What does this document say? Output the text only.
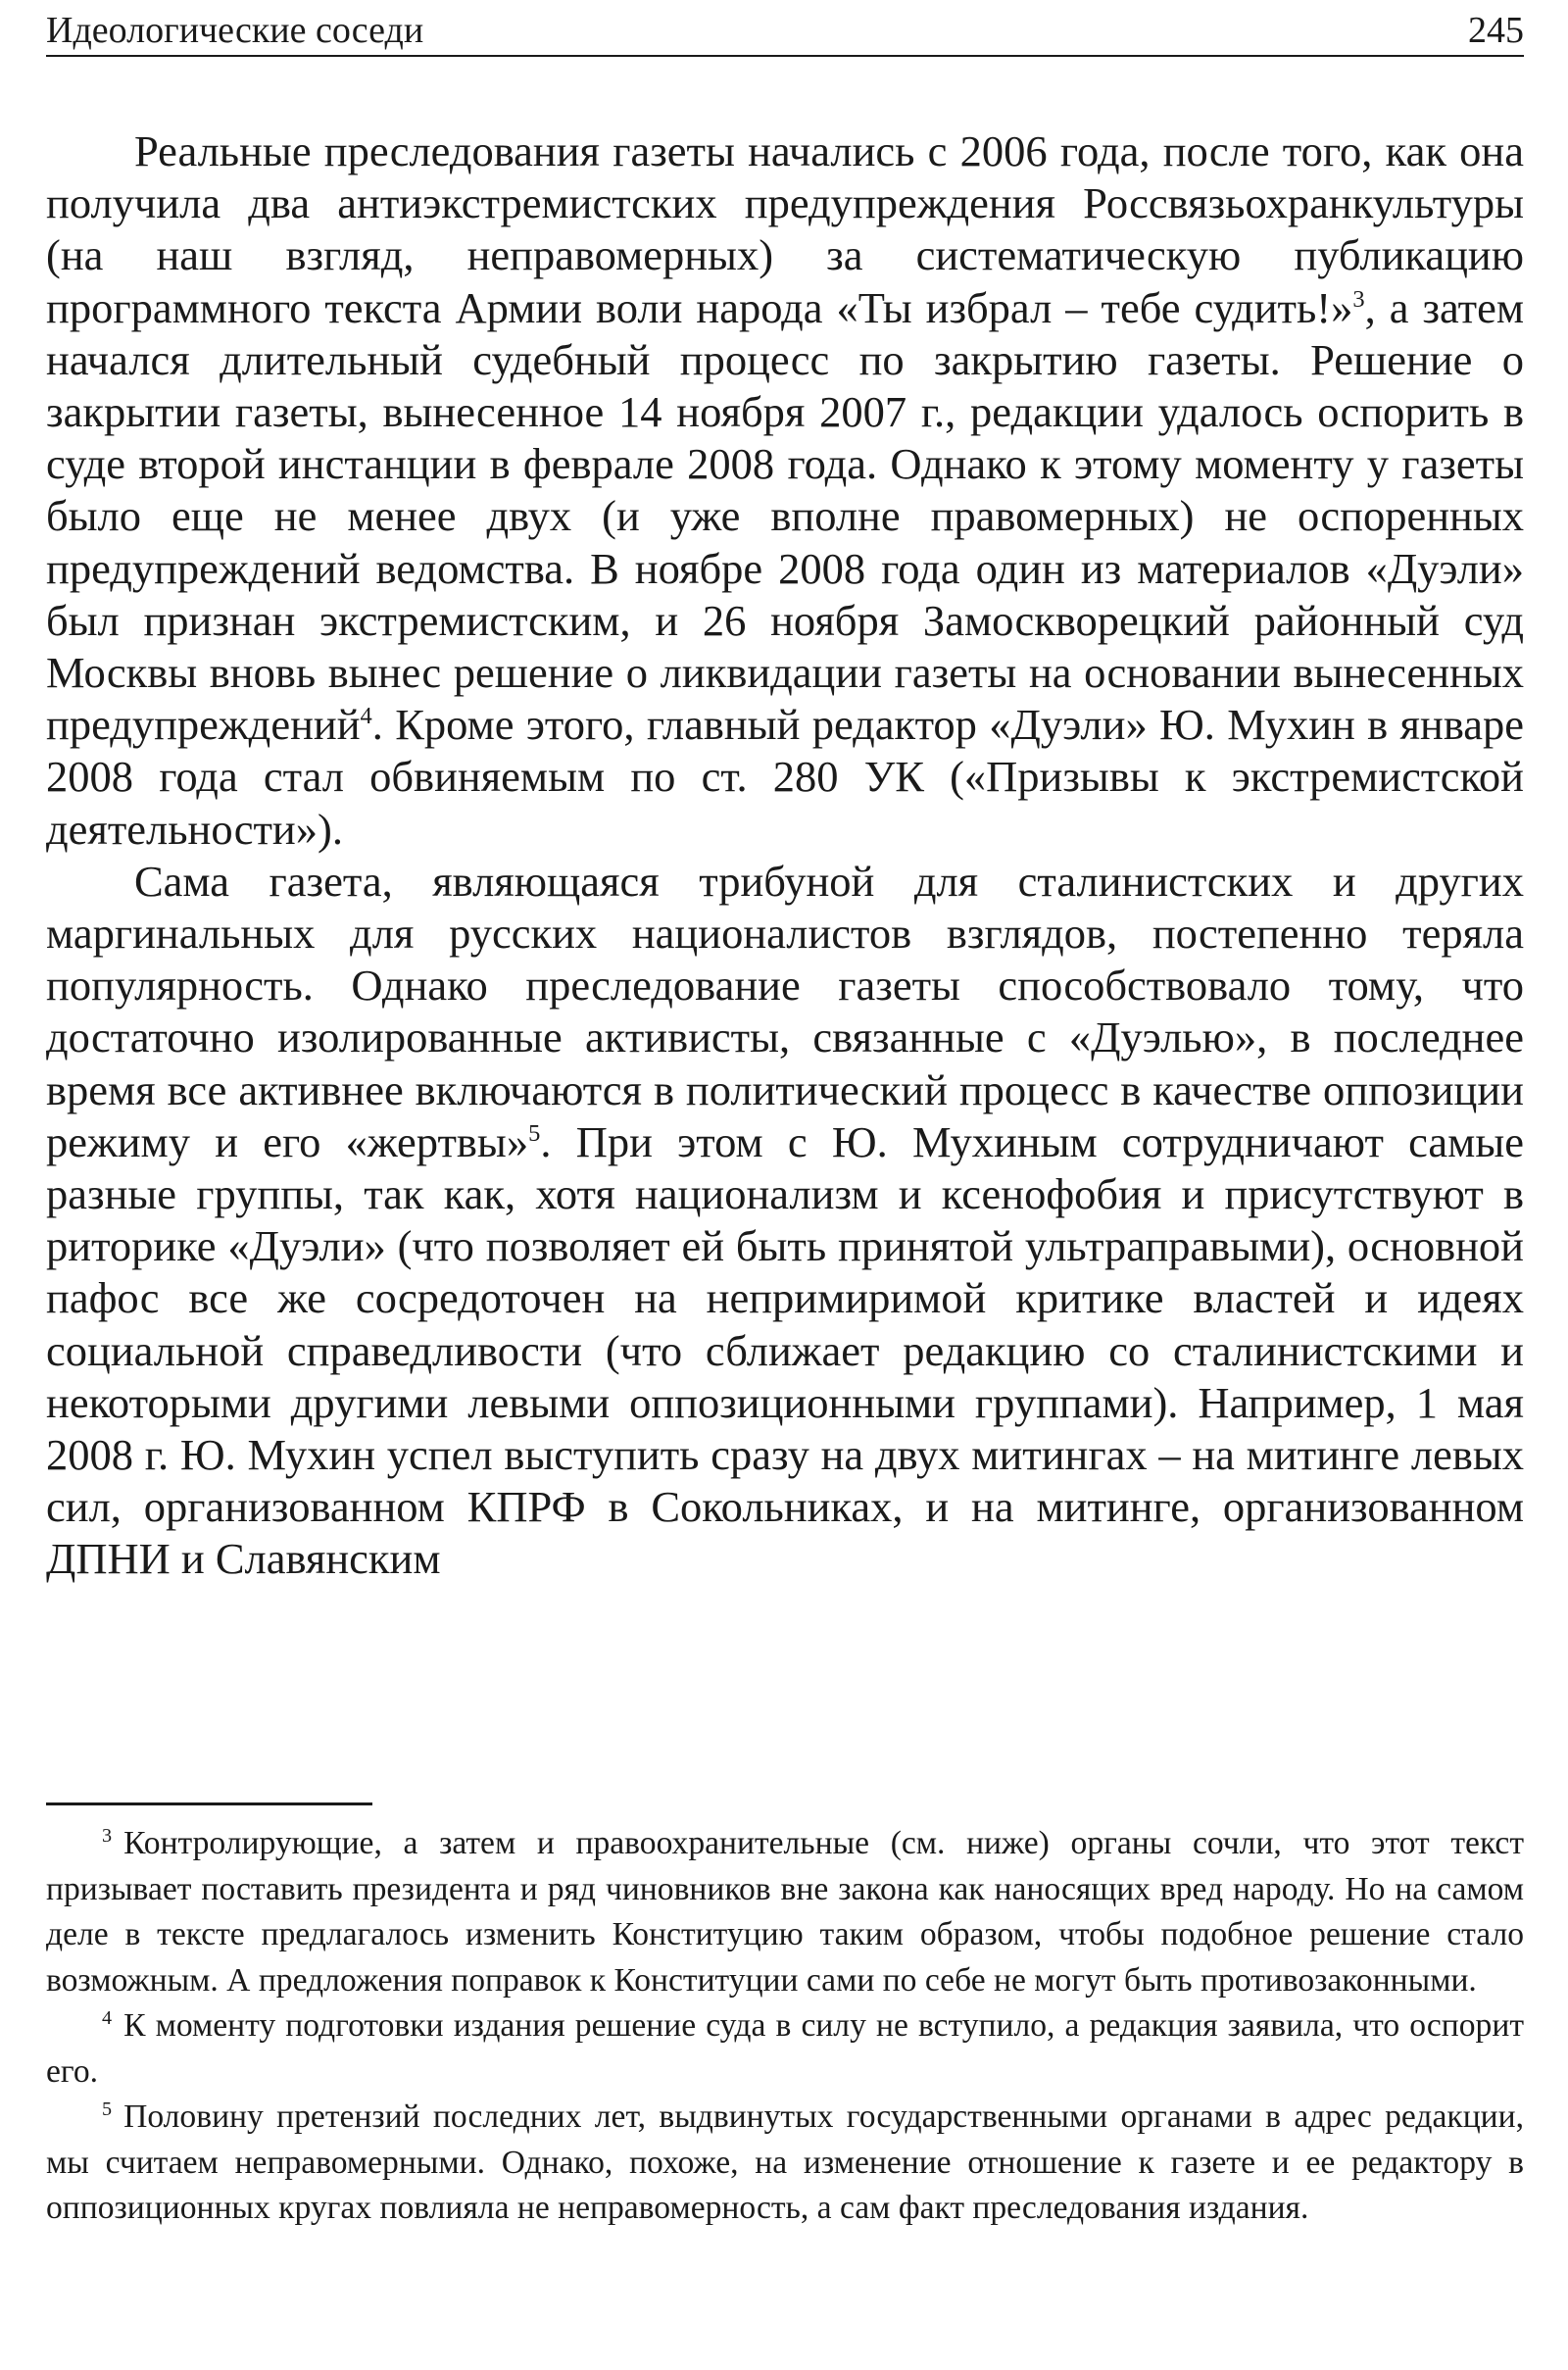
Идеологические соседи	245

Реальные преследования газеты начались с 2006 года, после того, как она получила два антиэкстремистских предупреждения Россвязьохранкультуры (на наш взгляд, неправомерных) за систематическую публикацию программного текста Армии воли народа «Ты избрал – тебе судить!»$^3$, а затем начался длительный судебный процесс по закрытию газеты. Решение о закрытии газеты, вынесенное 14 ноября 2007 г., редакции удалось оспорить в суде второй инстанции в феврале 2008 года. Однако к этому моменту у газеты было еще не менее двух (и уже вполне правомерных) не оспоренных предупреждений ведомства. В ноябре 2008 года один из материалов «Дуэли» был признан экстремистским, и 26 ноября Замоскворецкий районный суд Москвы вновь вынес решение о ликвидации газеты на основании вынесенных предупреждений$^4$. Кроме этого, главный редактор «Дуэли» Ю. Мухин в январе 2008 года стал обвиняемым по ст. 280 УК («Призывы к экстремистской деятельности»).

Сама газета, являющаяся трибуной для сталинистских и других маргинальных для русских националистов взглядов, постепенно теряла популярность. Однако преследование газеты способствовало тому, что достаточно изолированные активисты, связанные с «Дуэлью», в последнее время все активнее включаются в политический процесс в качестве оппозиции режиму и его «жертвы»$^5$. При этом с Ю. Мухиным сотрудничают самые разные группы, так как, хотя национализм и ксенофобия и присутствуют в риторике «Дуэли» (что позволяет ей быть принятой ультраправыми), основной пафос все же сосредоточен на непримиримой критике властей и идеях социальной справедливости (что сближает редакцию со сталинистскими и некоторыми другими левыми оппозиционными группами). Например, 1 мая 2008 г. Ю. Мухин успел выступить сразу на двух митингах – на митинге левых сил, организованном КПРФ в Сокольниках, и на митинге, организованном ДПНИ и Славянским

$^3$ Контролирующие, а затем и правоохранительные (см. ниже) органы сочли, что этот текст призывает поставить президента и ряд чиновников вне закона как наносящих вред народу. Но на самом деле в тексте предлагалось изменить Конституцию таким образом, чтобы подобное решение стало возможным. А предложения поправок к Конституции сами по себе не могут быть противозаконными.

$^4$ К моменту подготовки издания решение суда в силу не вступило, а редакция заявила, что оспорит его.

$^5$ Половину претензий последних лет, выдвинутых государственными органами в адрес редакции, мы считаем неправомерными. Однако, похоже, на изменение отношение к газете и ее редактору в оппозиционных кругах повлияла не неправомерность, а сам факт преследования издания.
